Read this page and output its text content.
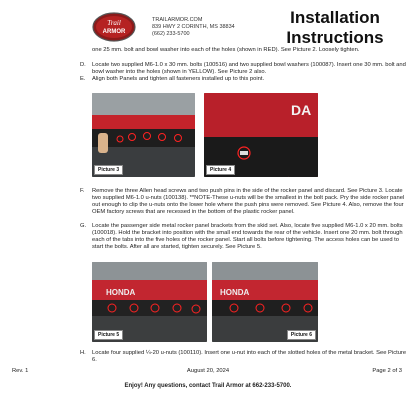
Trail
ARMOR
TRAILARMOR.COM
839 HWY 2 CORINTH, MS 38834
(662) 233-5700
Installation
Instructions
one 25 mm. bolt and bowl washer into each of the holes (shown in RED). See Picture 2. Loosely tighten.
D.	Locate two supplied M6-1.0 x 30 mm. bolts (100516) and two supplied bowl washers (100087). Insert one 30 mm. bolt and bowl washer into the holes (shown in YELLOW). See Picture 2 also.
E.	Align both Panels and tighten all fasteners installed up to this point.
Picture 3	Picture 4
DA
F.	Remove the three Allen head screws and two push pins in the side of the rocker panel and discard. See Picture 3. Locate two supplied M6-1.0 u-nuts (100138). **NOTE-These u-nuts will be the smallest in the bolt pack. Pry the side rocker panel out enough to clip the u-nuts onto the lower hole where the push pins were removed. See Picture 4. Also, remove the four OEM factory screws that are recessed in the bottom of the plastic rocker panel.
G.	Locate the passenger side metal rocker panel brackets from the skid set. Also, locate five supplied M6-1.0 x 20 mm. bolts (100018). Hold the bracket into position with the small end towards the rear of the vehicle. Insert one 20 mm. bolt through each of the tabs into the five holes of the rocker panel. Start all bolts before tightening. The access holes can be used to start the bolts. After all are started, tighten securely. See Picture 5.
HONDA
Picture 5
HONDA
Picture 6
H.	Locate four supplied ¼-20 u-nuts (100110). Insert one u-nut into each of the slotted holes of the metal bracket. See Picture 6.
Rev. 1	August 20, 2024	Page 2 of 3
Enjoy! Any questions, contact Trail Armor at 662-233-5700.
